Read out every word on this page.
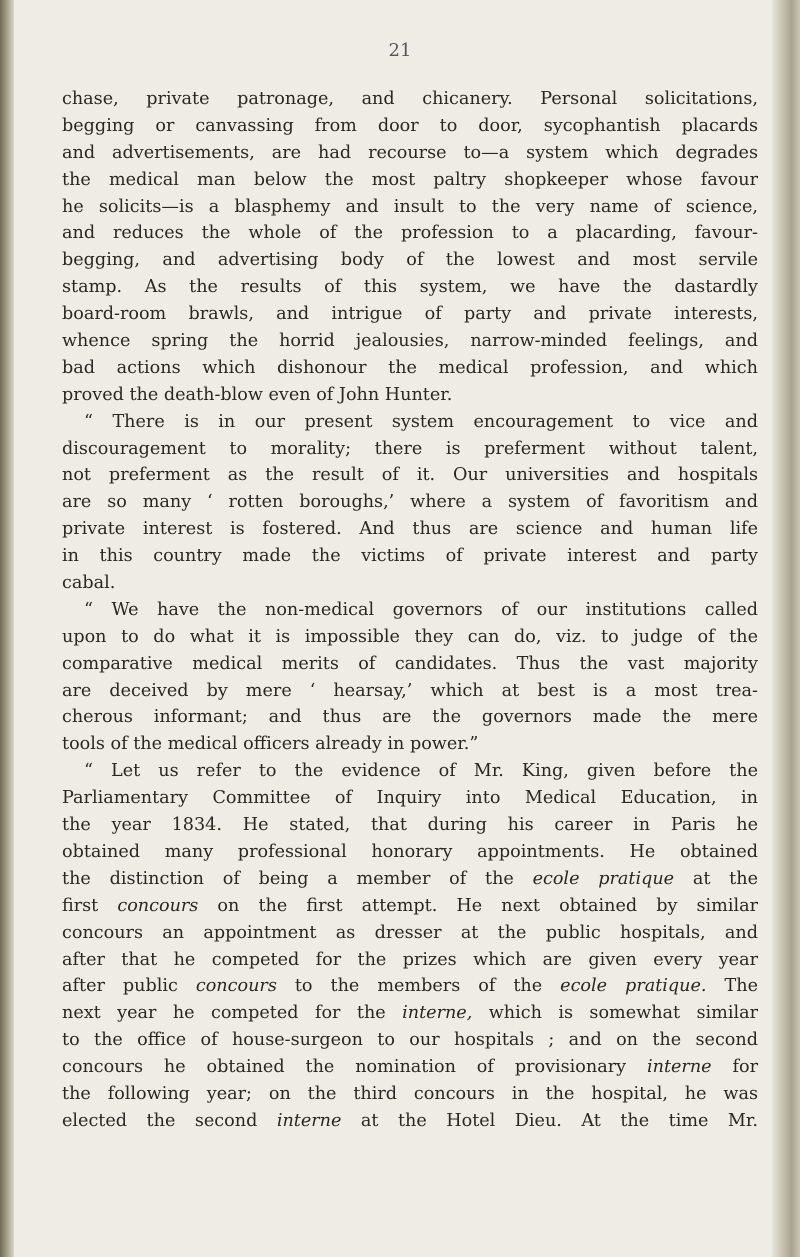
21
chase, private patronage, and chicanery. Personal solicitations,
begging or canvassing from door to door, sycophantish placards
and advertisements, are had recourse to—a system which degrades
the medical man below the most paltry shopkeeper whose favour
he solicits—is a blasphemy and insult to the very name of science,
and reduces the whole of the profession to a placarding, favour-
begging, and advertising body of the lowest and most servile
stamp. As the results of this system, we have the dastardly
board-room brawls, and intrigue of party and private interests,
whence spring the horrid jealousies, narrow-minded feelings, and
bad actions which dishonour the medical profession, and which
proved the death-blow even of John Hunter.
“ There is in our present system encouragement to vice and
discouragement to morality; there is preferment without talent,
not preferment as the result of it. Our universities and hospitals
are so many ‘ rotten boroughs,’ where a system of favoritism and
private interest is fostered. And thus are science and human life
in this country made the victims of private interest and party
cabal.
“ We have the non-medical governors of our institutions called
upon to do what it is impossible they can do, viz. to judge of the
comparative medical merits of candidates. Thus the vast majority
are deceived by mere ‘ hearsay,’ which at best is a most trea-
cherous informant; and thus are the governors made the mere
tools of the medical officers already in power.”
“ Let us refer to the evidence of Mr. King, given before the
Parliamentary Committee of Inquiry into Medical Education, in
the year 1834. He stated, that during his career in Paris he
obtained many professional honorary appointments. He obtained
the distinction of being a member of the ecole pratique at the
first concours on the first attempt. He next obtained by similar
concours an appointment as dresser at the public hospitals, and
after that he competed for the prizes which are given every year
after public concours to the members of the ecole pratique. The
next year he competed for the interne, which is somewhat similar
to the office of house-surgeon to our hospitals ; and on the second
concours he obtained the nomination of provisionary interne for
the following year; on the third concours in the hospital, he was
elected the second interne at the Hotel Dieu. At the time Mr.
